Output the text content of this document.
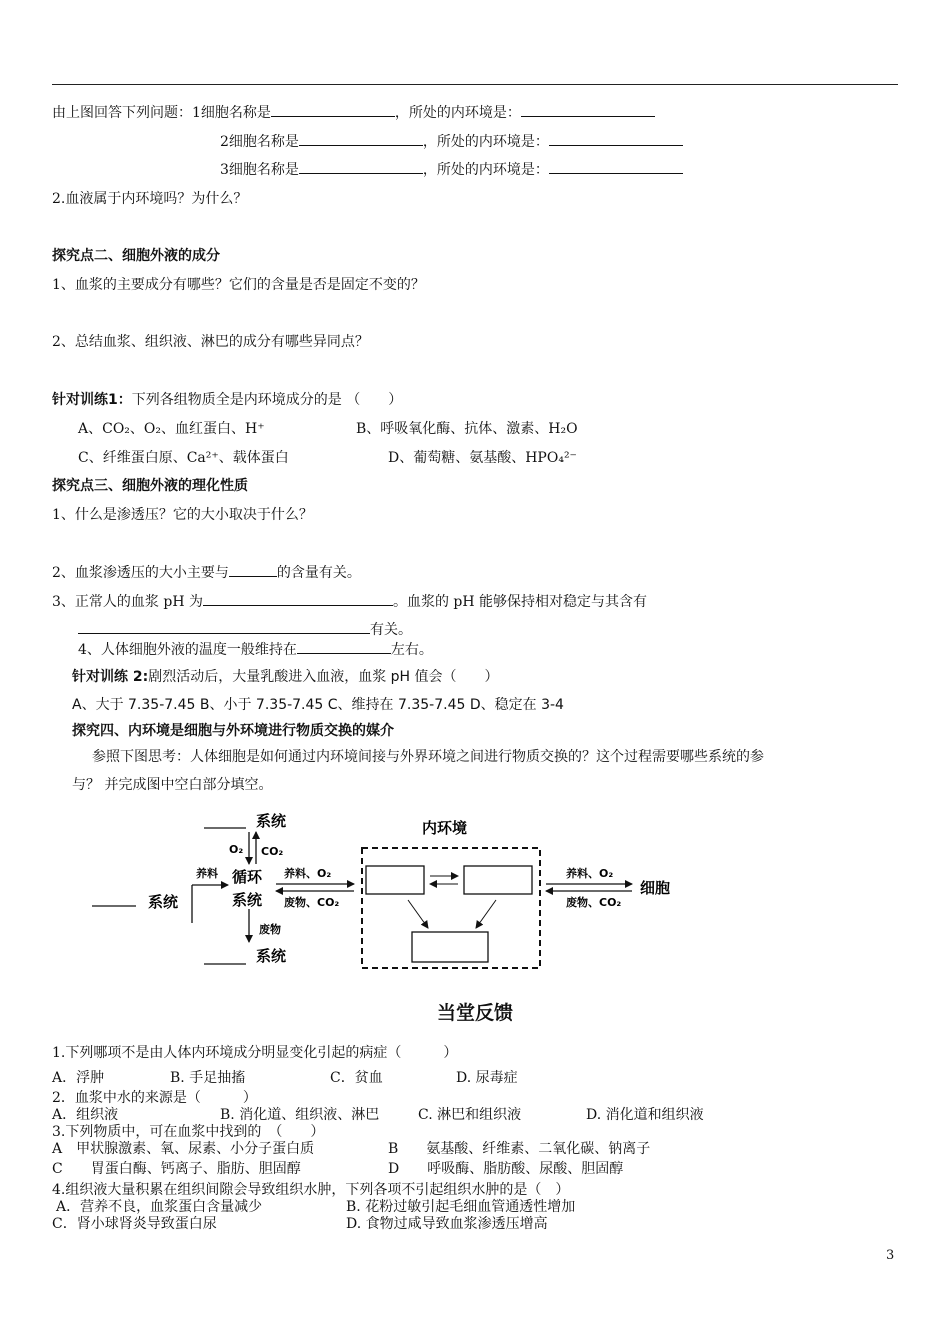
由上图回答下列问题：1细胞名称是	，所处的内环境是：
2细胞名称是	，所处的内环境是：
3细胞名称是	，所处的内环境是：
2.血液属于内环境吗？为什么？
探究点二、细胞外液的成分
1、血浆的主要成分有哪些？它们的含量是否是固定不变的？
2、总结血浆、组织液、淋巴的成分有哪些异同点？
针对训练1：下列各组物质全是内环境成分的是 （　　）
A、CO₂、O₂、血红蛋白、H⁺	B、呼吸氧化酶、抗体、激素、H₂O
C、纤维蛋白原、Ca²⁺、载体蛋白	D、葡萄糖、氨基酸、HPO₄²⁻
探究点三、细胞外液的理化性质
1、什么是渗透压？它的大小取决于什么？
2、血浆渗透压的大小主要与	的含量有关。
3、正常人的血浆 pH 为	。血浆的 pH 能够保持相对稳定与其含有
有关。
4、人体细胞外液的温度一般维持在	左右。
针对训练 2:剧烈活动后，大量乳酸进入血液，血浆 pH 值会（　　）
A、大于 7.35-7.45 B、小于 7.35-7.45 C、维持在 7.35-7.45 D、稳定在 3-4
探究四、内环境是细胞与外环境进行物质交换的媒介
参照下图思考：人体细胞是如何通过内环境间接与外界环境之间进行物质交换的？这个过程需要哪些系统的参
与？ 并完成图中空白部分填空。
系统
O₂ CO₂
系统
养料 循环
系统
养料、O₂
废物、CO₂
废物
系统
内环境
养料、O₂
废物、CO₂
细胞
当堂反馈
1.下列哪项不是由人体内环境成分明显变化引起的病症（　　　）
A．浮肿	B. 手足抽搐	C．贫血	D. 尿毒症
2．血浆中水的来源是（　　　）
A．组织液	B. 消化道、组织液、淋巴	C. 淋巴和组织液	D. 消化道和组织液
3.下列物质中，可在血浆中找到的　（　　）
A　甲状腺激素、氧、尿素、小分子蛋白质	B　　氨基酸、纤维素、二氧化碳、钠离子
C　　胃蛋白酶、钙离子、脂肪、胆固醇	D　　呼吸酶、脂肪酸、尿酸、胆固醇
4.组织液大量积累在组织间隙会导致组织水肿，下列各项不引起组织水肿的是（　）
A．营养不良，血浆蛋白含量减少	B. 花粉过敏引起毛细血管通透性增加
C．肾小球肾炎导致蛋白尿	D. 食物过咸导致血浆渗透压增高
3
